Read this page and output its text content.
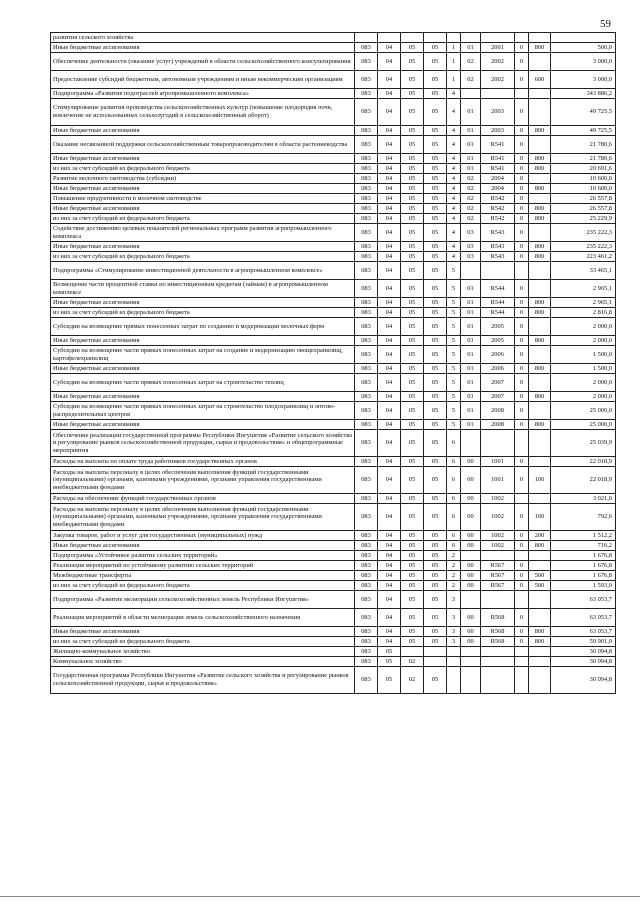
59
развития сельского хозяйства										
Иные бюджетные ассигнования	083	04	05	05	1	01	2001	0	800	500,0
Обеспечение деятельности (оказание услуг) учреждений в области сельскохозяйственного консультирования	083	04	05	05	1	02	2002	0		3 000,0
Предоставление субсидий бюджетным, автономным учреждениям и иным некоммерческим организациям	083	04	05	05	1	02	2002	0	600	3 000,0
Подпрограмма «Развитие подотраслей агропромышленного комплекса»	083	04	05	05	4					343 886,2
Стимулирование развития производства сельскохозяйственных культур (повышение плодородия почв, вовлечение не использованных сельхозугодий в сельскохозяйственный оборот)	083	04	05	05	4	01	2003	0		49 725,5
Иные бюджетные ассигнования	083	04	05	05	4	01	2003	0	800	49 725,5
Оказание несвязанной поддержки сельскохозяйственным товаропроизводителям в области растениеводства	083	04	05	05	4	01	R541	0		21 780,6
Иные бюджетные ассигнования	083	04	05	05	4	01	R541	0	800	21 780,6
из них за счет субсидий из федерального бюджета	083	04	05	05	4	01	R541	0	800	20 691,6
Развитие молочного скотоводства (субсидии)	083	04	05	05	4	02	2004	0		10 600,0
Иные бюджетные ассигнования	083	04	05	05	4	02	2004	0	800	10 600,0
Повышение продуктивности в молочном скотоводстве	083	04	05	05	4	02	R542	0		26 557,8
Иные бюджетные ассигнования	083	04	05	05	4	02	R542	0	800	26 557,8
из них за счет субсидий из федерального бюджета	083	04	05	05	4	02	R542	0	800	25 229,9
Содействие достижению целевых показателей региональных программ развития агропромышленного комплекса	083	04	05	05	4	03	R543	0		235 222,3
Иные бюджетные ассигнования	083	04	05	05	4	03	R543	0	800	235 222,3
из них за счет субсидий из федерального бюджета	083	04	05	05	4	03	R543	0	800	223 461,2
Подпрограмма «Стимулирование инвестиционной деятельности в агропромышленном комплексе»	083	04	05	05	5					33 465,1
Возмещение части процентной ставки по инвестиционным кредитам (займам) в агропромышленном комплексе	083	04	05	05	5	01	R544	0		2 965,1
Иные бюджетные ассигнования	083	04	05	05	5	01	R544	0	800	2 965,1
из них за счет субсидий из федерального бюджета	083	04	05	05	5	01	R544	0	800	2 816,8
Субсидии на возмещение прямых понесенных затрат по созданию и модернизации молочных ферм	083	04	05	05	5	01	2005	0		2 000,0
Иные бюджетные ассигнования	083	04	05	05	5	01	2005	0	800	2 000,0
Субсидии на возмещение части прямых понесенных затрат на создание и модернизацию овощехранилищ, картофелехранилищ	083	04	05	05	5	01	2006	0		1 500,0
Иные бюджетные ассигнования	083	04	05	05	5	01	2006	0	800	1 500,0
Субсидии на возмещение части прямых понесенных затрат на строительство теплиц	083	04	05	05	5	01	2007	0		2 000,0
Иные бюджетные ассигнования	083	04	05	05	5	01	2007	0	800	2 000,0
Субсидии на возмещение части прямых понесенных затрат на строительство плодохранилищ и оптово-распределительных центров	083	04	05	05	5	01	2008	0		25 000,0
Иные бюджетные ассигнования	083	04	05	05	5	01	2008	0	800	25 000,0
Обеспечение реализации государственной программы Республики Ингушетия «Развитие сельского хозяйства и регулирование рынков сельскохозяйственной продукции, сырья и продовольствия» и общепрограммные мероприятия	083	04	05	05	6					25 039,9
Расходы на выплаты по оплате труда работников государственных органов	083	04	05	05	6	00	1001	0		22 018,9
Расходы на выплаты персоналу в целях обеспечения выполнения функций государственными (муниципальными) органами, казенными учреждениями, органами управления государственными внебюджетными фондами	083	04	05	05	6	00	1001	0	100	22 018,9
Расходы на обеспечение функций государственных органов	083	04	05	05	6	00	1002			3 021,0
Расходы на выплаты персоналу в целях обеспечения выполнения функций государственными (муниципальными) органами, казенными учреждениями, органами управления государственными внебюджетными фондами	083	04	05	05	6	00	1002	0	100	792,6
Закупка товаров, работ и услуг для государственных (муниципальных) нужд	083	04	05	05	6	00	1002	0	200	1 512,2
Иные бюджетные ассигнования	083	04	05	05	6	00	1002	0	800	716,2
Подпрограмма «Устойчивое развитие сельских территорий»	083	04	05	05	2					1 676,8
Реализация мероприятий по устойчивому развитию сельских территорий	083	04	05	05	2	00	R567	0		1 676,8
Межбюджетные трансферты	083	04	05	05	2	00	R567	0	500	1 676,8
из них за счет субсидий из федерального бюджета	083	04	05	05	2	00	R567	0	500	1 593,0
Подпрограмма «Развитие мелиорации сельскохозяйственных земель Республики Ингушетия»	083	04	05	05	3					63 053,7
Реализация мероприятий в области мелиорации земель сельскохозяйственного назначения	083	04	05	05	3	00	R568	0		63 053,7
Иные бюджетные ассигнования	083	04	05	05	3	00	R568	0	800	63 053,7
из них за счет субсидий из федерального бюджета	083	04	05	05	3	00	R568	0	800	59 901,0
Жилищно-коммунальное хозяйство	083	05								30 094,8
Коммунальное хозяйство	083	05	02							30 094,8
Государственная программа Республики Ингушетия «Развитие сельского хозяйства и регулирование рынков сельскохозяйственной продукции, сырья и продовольствия»	083	05	02	05						30 094,8
